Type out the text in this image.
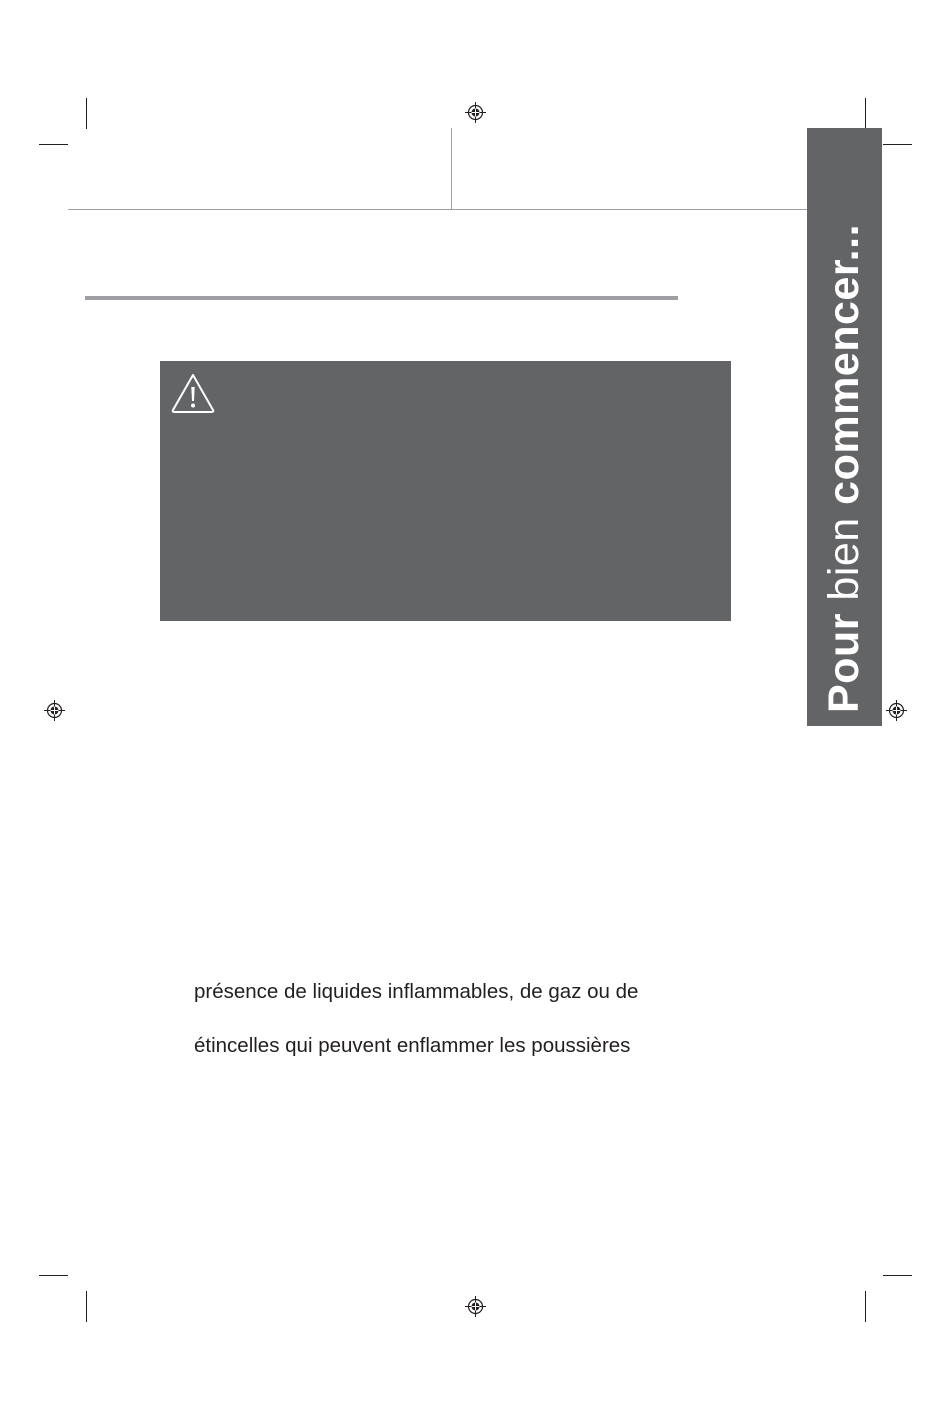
Pour
bien
commencer...
présence de liquides inflammables, de gaz ou de
étincelles qui peuvent enflammer les poussières
